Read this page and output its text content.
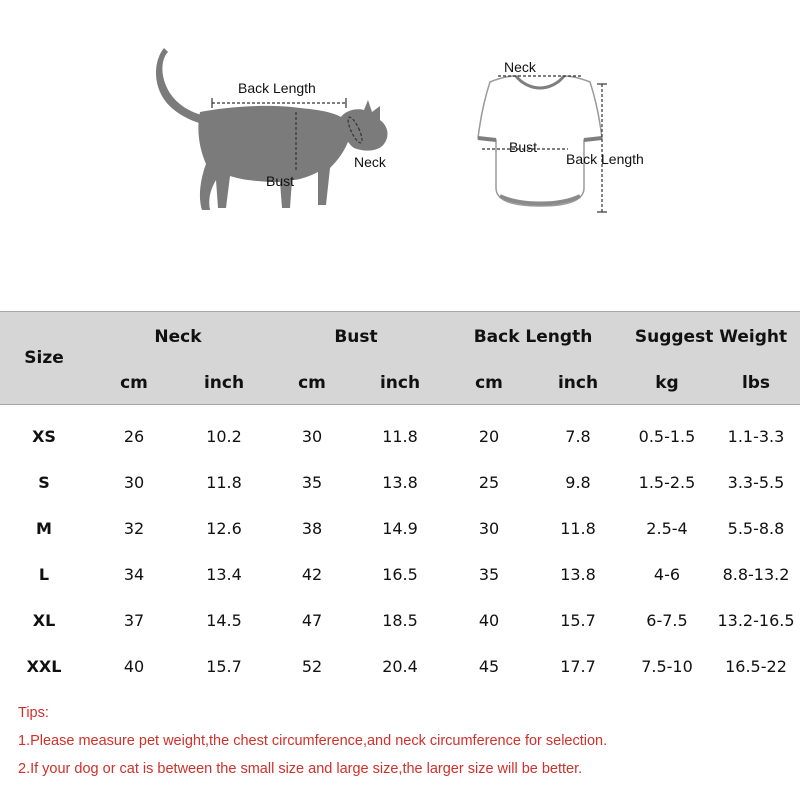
Back Length
Neck
Bust
Neck
Bust
Back Length
Size
Neck	Bust	Back Length	Suggest Weight
cm	inch	cm	inch	cm	inch	kg	lbs
XS	26	10.2	30	11.8	20	7.8	0.5-1.5	1.1-3.3
S	30	11.8	35	13.8	25	9.8	1.5-2.5	3.3-5.5
M	32	12.6	38	14.9	30	11.8	2.5-4	5.5-8.8
L	34	13.4	42	16.5	35	13.8	4-6	8.8-13.2
XL	37	14.5	47	18.5	40	15.7	6-7.5	13.2-16.5
XXL	40	15.7	52	20.4	45	17.7	7.5-10	16.5-22
Tips:
1.Please measure pet weight,the chest circumference,and neck circumference for selection.
2.If your dog or cat is between the small size and large size,the larger size will be better.
